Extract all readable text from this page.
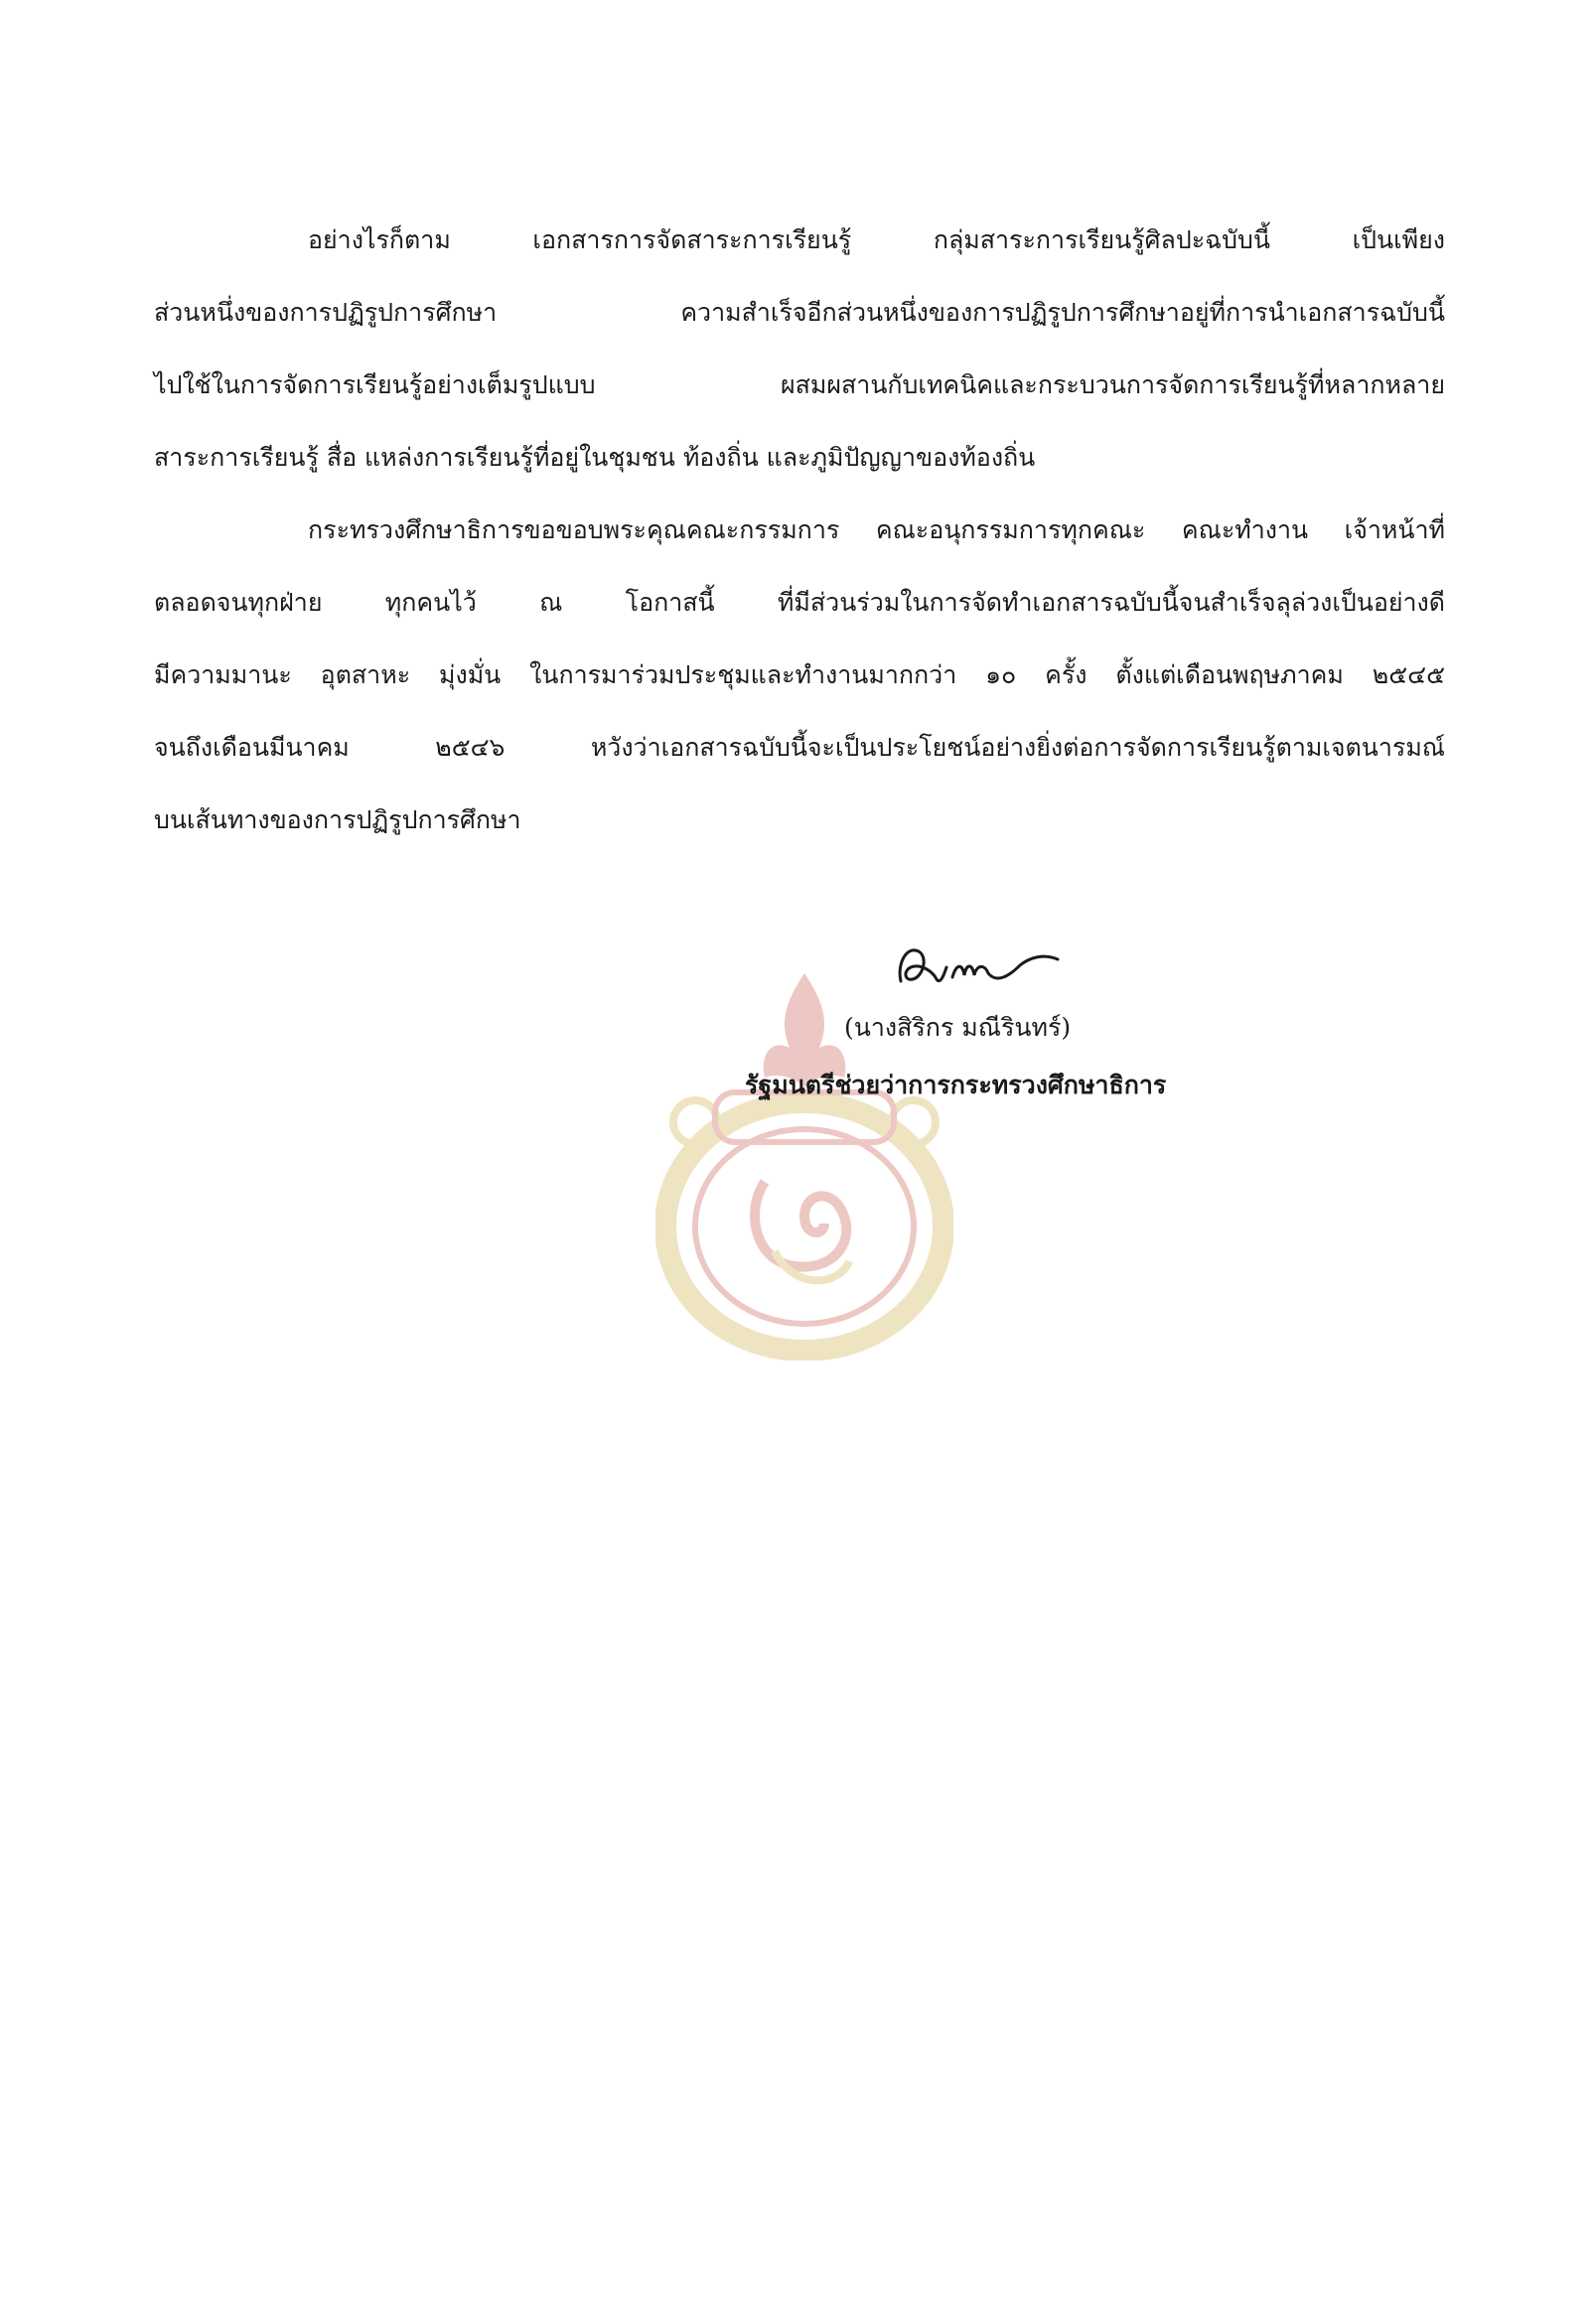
อย่างไรก็ตาม เอกสารการจัดสาระการเรียนรู้ กลุ่มสาระการเรียนรู้ศิลปะฉบับนี้ เป็นเพียง
ส่วนหนึ่งของการปฏิรูปการศึกษา ความสำเร็จอีกส่วนหนึ่งของการปฏิรูปการศึกษาอยู่ที่การนำเอกสารฉบับนี้
ไปใช้ในการจัดการเรียนรู้อย่างเต็มรูปแบบ ผสมผสานกับเทคนิคและกระบวนการจัดการเรียนรู้ที่หลากหลาย
สาระการเรียนรู้ สื่อ แหล่งการเรียนรู้ที่อยู่ในชุมชน ท้องถิ่น และภูมิปัญญาของท้องถิ่น
กระทรวงศึกษาธิการขอขอบพระคุณคณะกรรมการ คณะอนุกรรมการทุกคณะ คณะทำงาน เจ้าหน้าที่
ตลอดจนทุกฝ่าย ทุกคนไว้ ณ โอกาสนี้ ที่มีส่วนร่วมในการจัดทำเอกสารฉบับนี้จนสำเร็จลุล่วงเป็นอย่างดี
มีความมานะ อุตสาหะ มุ่งมั่น ในการมาร่วมประชุมและทำงานมากกว่า ๑๐ ครั้ง ตั้งแต่เดือนพฤษภาคม ๒๕๔๕
จนถึงเดือนมีนาคม ๒๕๔๖ หวังว่าเอกสารฉบับนี้จะเป็นประโยชน์อย่างยิ่งต่อการจัดการเรียนรู้ตามเจตนารมณ์
บนเส้นทางของการปฏิรูปการศึกษา
(นางสิริกร มณีรินทร์)
รัฐมนตรีช่วยว่าการกระทรวงศึกษาธิการ
